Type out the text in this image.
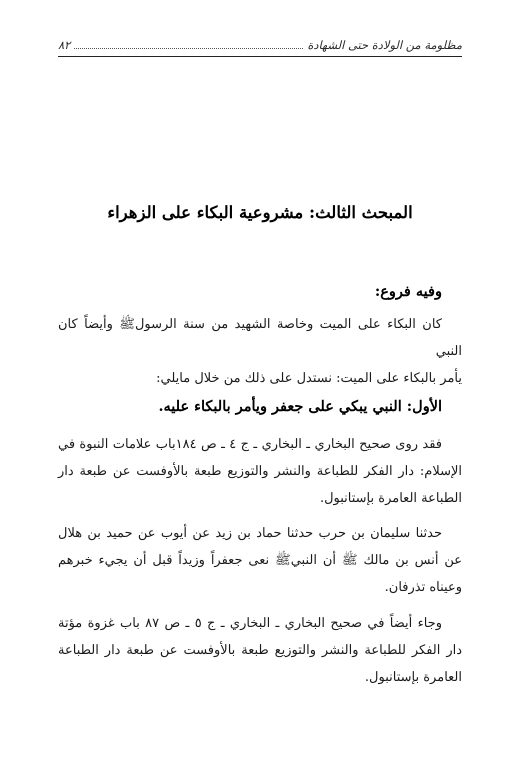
مظلومة من الولادة حتى الشهادة
٨٢
المبحث الثالث: مشروعية البكاء على الزهراء
وفيه فروع:

كان البكاء على الميت وخاصة الشهيد من سنة الرسولﷺ وأيضاً كان النبي

يأمر بالبكاء على الميت: نستدل على ذلك من خلال مايلي:

الأول: النبي يبكي على جعفر ويأمر بالبكاء عليه.

فقد روى صحيح البخاري ـ البخاري ـ ج ٤ ـ ص ١٨٤باب علامات النبوة في الإسلام: دار الفكر للطباعة والنشر والتوزيع طبعة بالأوفست عن طبعة دار الطباعة العامرة بإستانبول.

حدثنا سليمان بن حرب حدثنا حماد بن زيد عن أيوب عن حميد بن هلال عن أنس بن مالك ﷺ أن النبيﷺ نعى جعفراً وزيداً قبل أن يجيء خبرهم وعيناه تذرفان.

وجاء أيضاً في صحيح البخاري ـ البخاري ـ ج ٥ ـ ص ٨٧ باب غزوة مؤتة دار الفكر للطباعة والنشر والتوزيع طبعة بالأوفست عن طبعة دار الطباعة العامرة بإستانبول.
